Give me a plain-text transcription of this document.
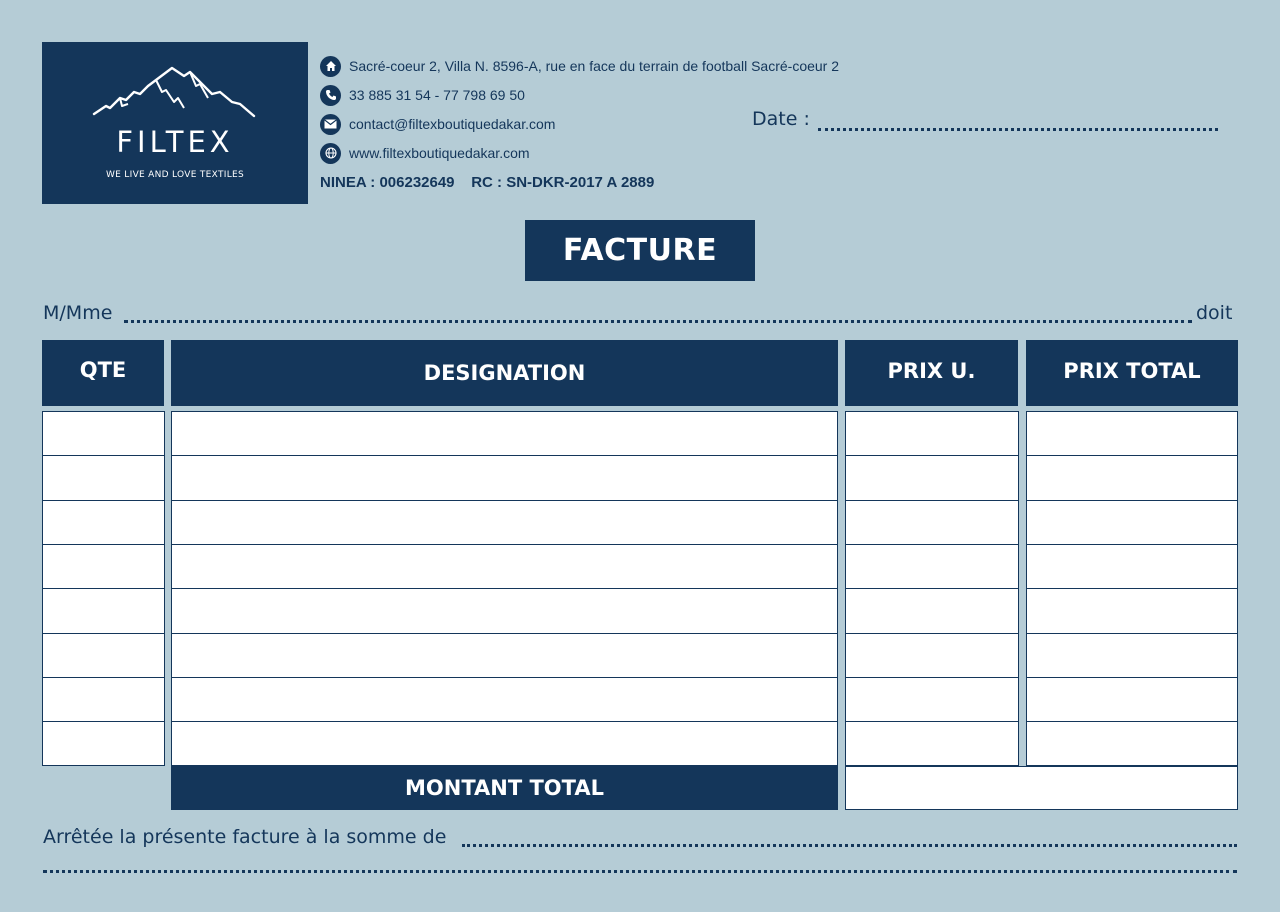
FILTEX
WE LIVE AND LOVE TEXTILES
Sacré-coeur 2, Villa N. 8596-A, rue en face du terrain de football Sacré-coeur 2
33 885 31 54 - 77 798 69 50
contact@filtexboutiquedakar.com
www.filtexboutiquedakar.com
NINEA : 006232649    RC : SN-DKR-2017 A 2889
Date :
FACTURE
M/Mme	doit
QTE	DESIGNATION	PRIX U.	PRIX TOTAL
MONTANT TOTAL
Arrêtée la présente facture à la somme de
